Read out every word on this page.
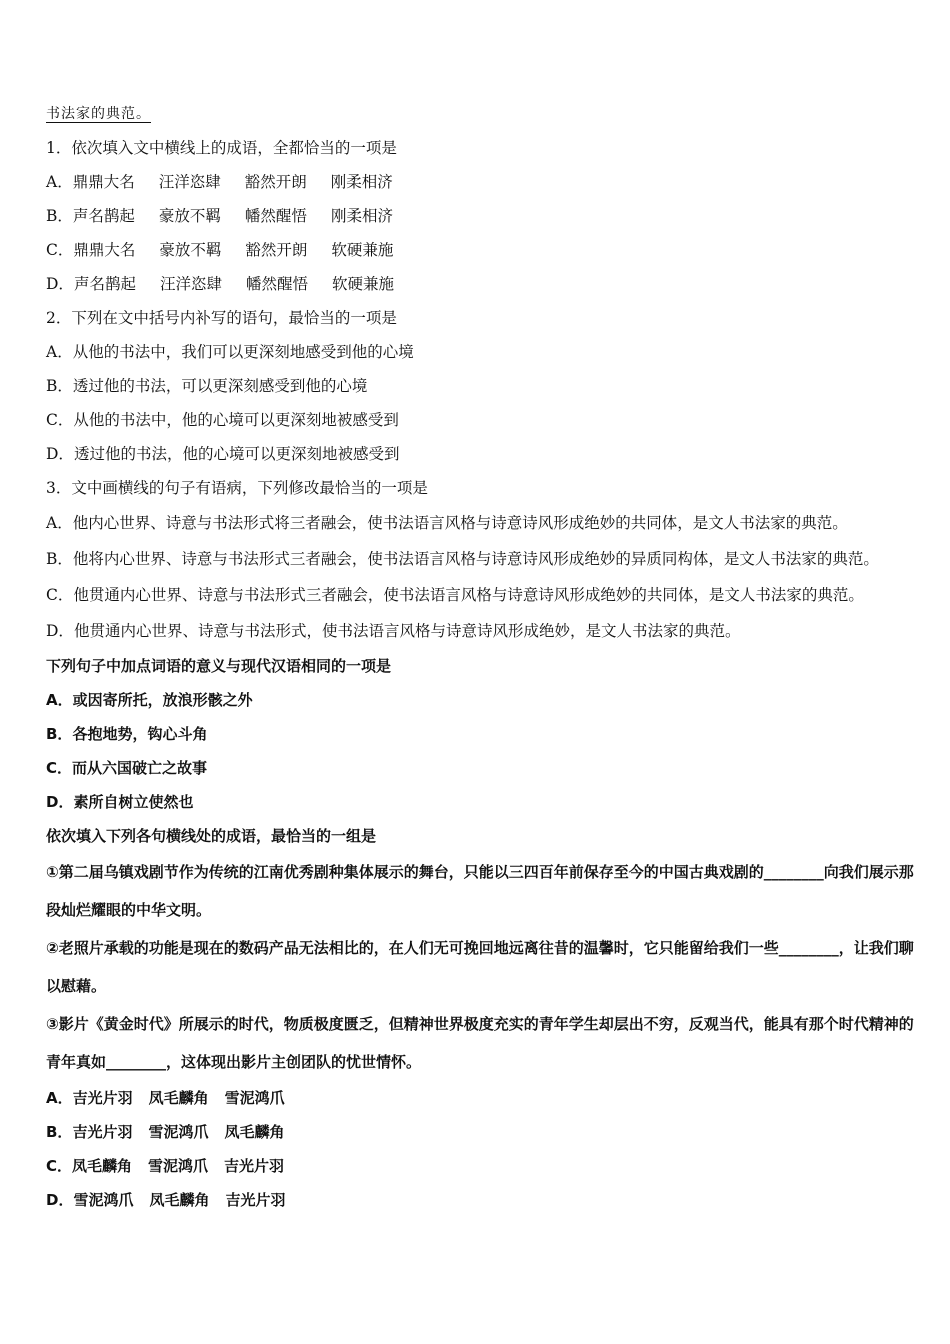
书法家的典范。
1．依次填入文中横线上的成语，全都恰当的一项是
A．鼎鼎大名 汪洋恣肆 豁然开朗 刚柔相济
B．声名鹊起 豪放不羁 幡然醒悟 刚柔相济
C．鼎鼎大名 豪放不羁 豁然开朗 软硬兼施
D．声名鹊起 汪洋恣肆 幡然醒悟 软硬兼施
2．下列在文中括号内补写的语句，最恰当的一项是
A．从他的书法中，我们可以更深刻地感受到他的心境
B．透过他的书法，可以更深刻感受到他的心境
C．从他的书法中，他的心境可以更深刻地被感受到
D．透过他的书法，他的心境可以更深刻地被感受到
3．文中画横线的句子有语病，下列修改最恰当的一项是
A．他内心世界、诗意与书法形式将三者融会，使书法语言风格与诗意诗风形成绝妙的共同体，是文人书法家的典范。
B．他将内心世界、诗意与书法形式三者融会，使书法语言风格与诗意诗风形成绝妙的异质同构体，是文人书法家的典范。
C．他贯通内心世界、诗意与书法形式三者融会，使书法语言风格与诗意诗风形成绝妙的共同体，是文人书法家的典范。
D．他贯通内心世界、诗意与书法形式，使书法语言风格与诗意诗风形成绝妙，是文人书法家的典范。
下列句子中加点词语的意义与现代汉语相同的一项是
A．或因寄所托，放浪形骸之外
B．各抱地势，钩心斗角
C．而从六国破亡之故事
D．素所自树立使然也
依次填入下列各句横线处的成语，最恰当的一组是
①第二届乌镇戏剧节作为传统的江南优秀剧种集体展示的舞台，只能以三四百年前保存至今的中国古典戏剧的________向我们展示那段灿烂耀眼的中华文明。
②老照片承载的功能是现在的数码产品无法相比的，在人们无可挽回地远离往昔的温馨时，它只能留给我们一些________，让我们聊以慰藉。
③影片《黄金时代》所展示的时代，物质极度匮乏，但精神世界极度充实的青年学生却层出不穷，反观当代，能具有那个时代精神的青年真如________，这体现出影片主创团队的忧世情怀。
A．吉光片羽 凤毛麟角 雪泥鸿爪
B．吉光片羽 雪泥鸿爪 凤毛麟角
C．凤毛麟角 雪泥鸿爪 吉光片羽
D．雪泥鸿爪 凤毛麟角 吉光片羽
